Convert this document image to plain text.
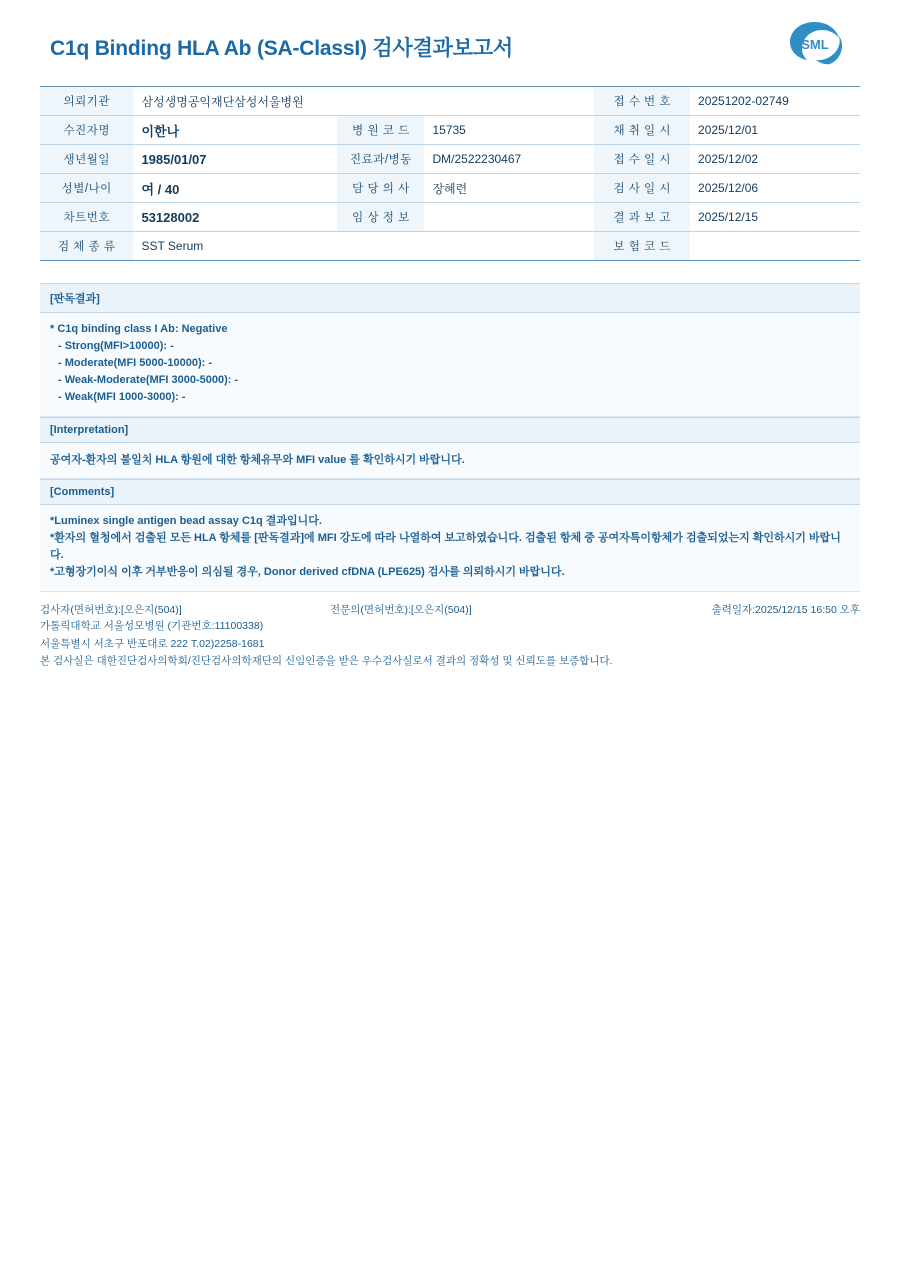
C1q Binding HLA Ab (SA-ClassI) 검사결과보고서	SML
의뢰기관	삼성생명공익재단삼성서울병원			접 수 번 호	20251202-02749
수진자명	이한나	병 원 코 드	15735	채 취 일 시	2025/12/01
생년월일	1985/01/07	진료과/병동	DM/2522230467	접 수 일 시	2025/12/02
성별/나이	여 / 40	담 당 의 사	장혜련	검 사 일 시	2025/12/06
차트번호	53128002	임 상 정 보		결 과 보 고	2025/12/15
검 체 종 류	SST Serum			보 험 코 드	
[판독결과]
* C1q binding class I Ab: Negative
- Strong(MFI>10000): -
- Moderate(MFI 5000-10000): -
- Weak-Moderate(MFI 3000-5000): -
- Weak(MFI 1000-3000): -
[Interpretation]
공여자-환자의 불일치 HLA 항원에 대한 항체유무와 MFI value 를 확인하시기 바랍니다.
[Comments]
*Luminex single antigen bead assay C1q 결과입니다.
*환자의 혈청에서 검출된 모든 HLA 항체를 [판독결과]에 MFI 강도에 따라 나열하여 보고하였습니다. 검출된 항체 중 공여자특이항체가 검출되었는지 확인하시기 바랍니다.
*고형장기이식 이후 거부반응이 의심될 경우, Donor derived cfDNA (LPE625) 검사를 의뢰하시기 바랍니다.
검사자(면허번호):[오은지(504)]	전문의(면허번호):[오은지(504)]	출력일자:2025/12/15 16:50 오후
가톨릭대학교 서울성모병원 (기관번호:11100338)
서울특별시 서초구 반포대로 222 T.02)2258-1681
본 검사실은 대한진단검사의학회/진단검사의학재단의 신임인증을 받은 우수검사실로서 결과의 정확성 및 신뢰도를 보증합니다.
